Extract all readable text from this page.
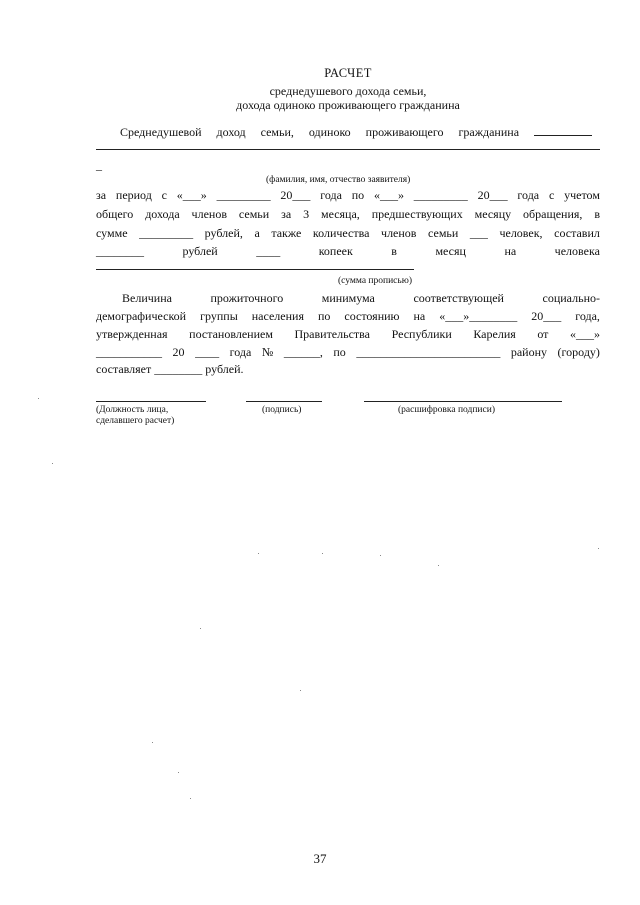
РАСЧЕТ
среднедушевого дохода семьи,
дохода одиноко проживающего гражданина
Среднедушевой доход семьи, одиноко проживающего гражданина
_
(фамилия, имя, отчество заявителя)
за период с «___» _________ 20___ года по «___» _________ 20___ года с учетом
общего дохода членов семьи за 3 месяца, предшествующих месяцу обращения, в
сумме _________ рублей, а также количества членов семьи ___ человек, составил
________	рублей	____	копеек	в	месяц	на	человека
(сумма прописью)
Величина	прожиточного	минимума	соответствующей	социально-
демографической группы населения по состоянию на «___»________ 20___ года,
утвержденная постановлением Правительства Республики Карелия от «___»
___________ 20 ____ года № ______, по ________________________ району (городу)
составляет ________ рублей.
(Должность лица,
сделавшего расчет)
(подпись)	(расшифровка подписи)
37
